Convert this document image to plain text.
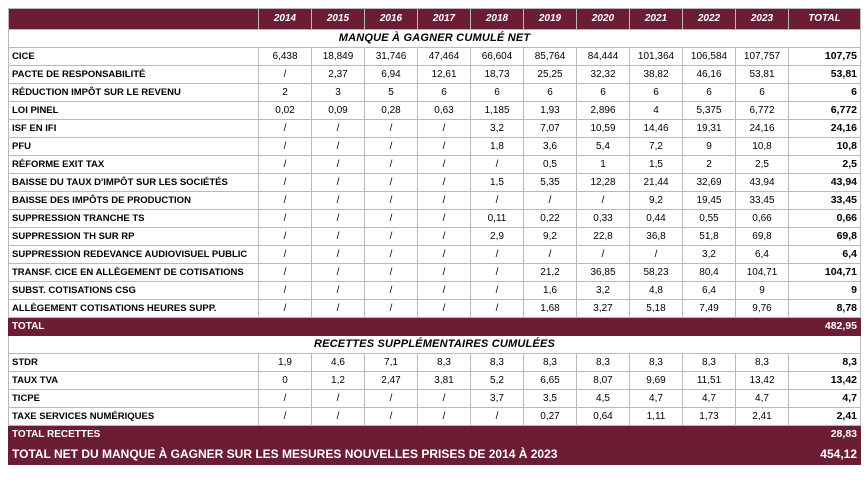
	2014	2015	2016	2017	2018	2019	2020	2021	2022	2023	TOTAL
MANQUE À GAGNER CUMULÉ NET											
CICE	6,438	18,849	31,746	47,464	66,604	85,764	84,444	101,364	106,584	107,757	107,75
PACTE DE RESPONSABILITÉ	/	2,37	6,94	12,61	18,73	25,25	32,32	38,82	46,16	53,81	53,81
RÉDUCTION IMPÔT SUR LE REVENU	2	3	5	6	6	6	6	6	6	6	6
LOI PINEL	0,02	0,09	0,28	0,63	1,185	1,93	2,896	4	5,375	6,772	6,772
ISF EN IFI	/	/	/	/	3,2	7,07	10,59	14,46	19,31	24,16	24,16
PFU	/	/	/	/	1,8	3,6	5,4	7,2	9	10,8	10,8
RÉFORME EXIT TAX	/	/	/	/	/	0,5	1	1,5	2	2,5	2,5
BAISSE DU TAUX D'IMPÔT SUR LES SOCIÉTÉS	/	/	/	/	1,5	5,35	12,28	21,44	32,69	43,94	43,94
BAISSE DES IMPÔTS DE PRODUCTION	/	/	/	/	/	/	/	9,2	19,45	33,45	33,45
SUPPRESSION TRANCHE TS	/	/	/	/	0,11	0,22	0,33	0,44	0,55	0,66	0,66
SUPPRESSION TH SUR RP	/	/	/	/	2,9	9,2	22,8	36,8	51,8	69,8	69,8
SUPPRESSION REDEVANCE AUDIOVISUEL PUBLIC	/	/	/	/	/	/	/	/	3,2	6,4	6,4
TRANSF. CICE EN ALLÈGEMENT DE COTISATIONS	/	/	/	/	/	21,2	36,85	58,23	80,4	104,71	104,71
SUBST. COTISATIONS CSG	/	/	/	/	/	1,6	3,2	4,8	6,4	9	9
ALLÈGEMENT COTISATIONS HEURES SUPP.	/	/	/	/	/	1,68	3,27	5,18	7,49	9,76	8,78
TOTAL											482,95
RECETTES SUPPLÉMENTAIRES CUMULÉES											
STDR	1,9	4,6	7,1	8,3	8,3	8,3	8,3	8,3	8,3	8,3	8,3
TAUX TVA	0	1,2	2,47	3,81	5,2	6,65	8,07	9,69	11,51	13,42	13,42
TICPE	/	/	/	/	3,7	3,5	4,5	4,7	4,7	4,7	4,7
TAXE SERVICES NUMÉRIQUES	/	/	/	/	/	0,27	0,64	1,11	1,73	2,41	2,41
TOTAL RECETTES											28,83
TOTAL NET DU MANQUE À GAGNER SUR LES MESURES NOUVELLES PRISES DE 2014 À 2023											454,12
